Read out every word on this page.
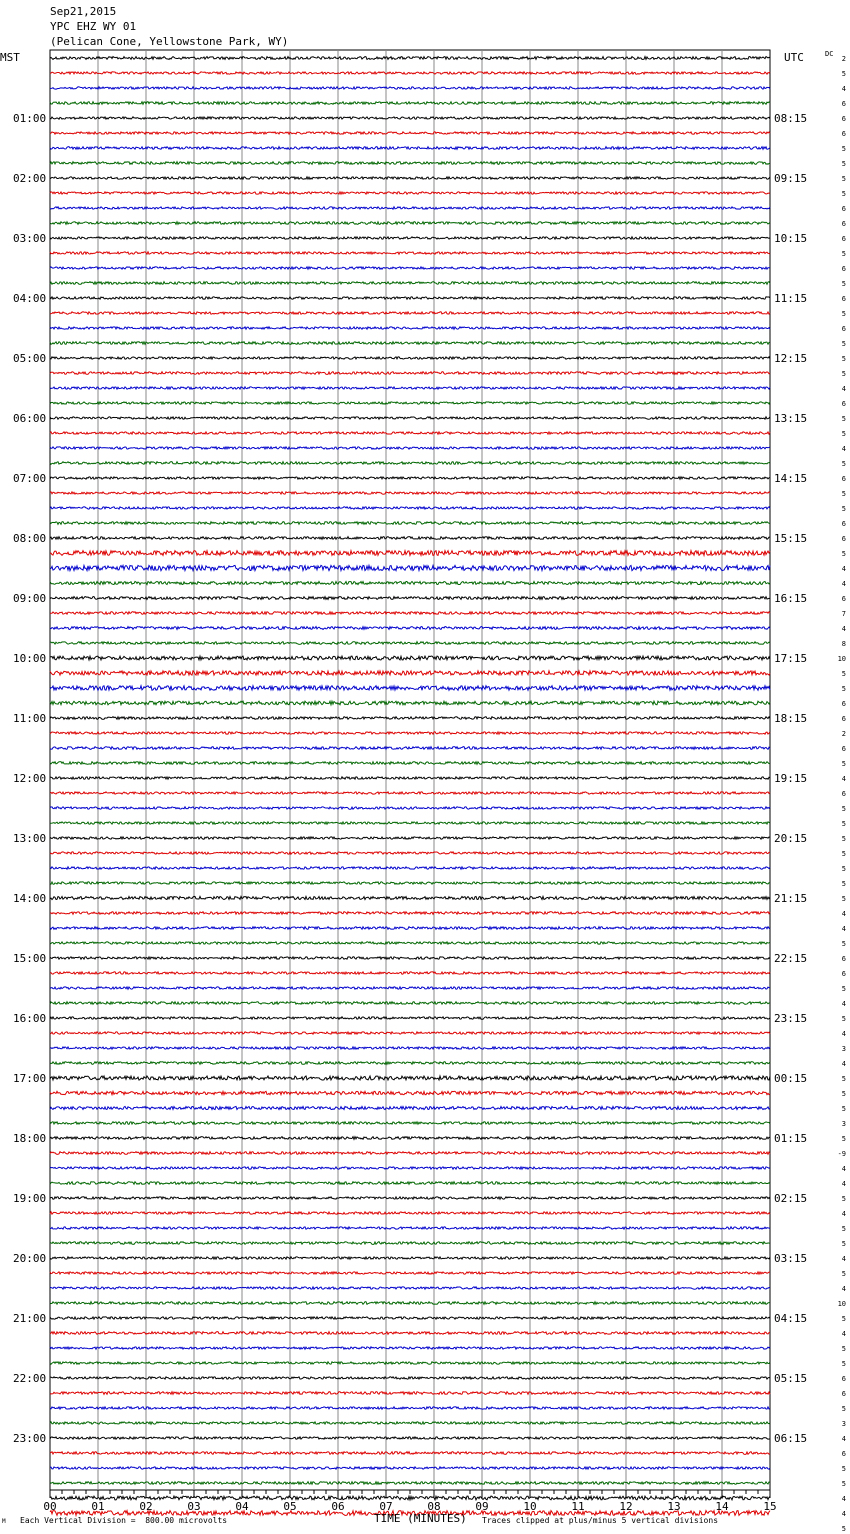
Sep21,2015
YPC EHZ WY 01
(Pelican Cone, Yellowstone Park, WY)
01:00
02:00
03:00
04:00
05:00
06:00
07:00
08:00
09:00
10:00
11:00
12:00
13:00
14:00
15:00
16:00
17:00
18:00
19:00
20:00
21:00
22:00
23:00
08:15
09:15
10:15
11:15
12:15
13:15
14:15
15:15
16:15
17:15
18:15
19:15
20:15
21:15
22:15
23:15
00:15
01:15
02:15
03:15
04:15
05:15
06:15
2
5
4
6
6
6
5
5
5
5
6
6
6
5
6
5
6
5
6
5
5
5
4
6
5
5
4
5
6
5
5
6
6
5
4
4
6
7
4
8
10
5
5
6
6
2
6
5
4
6
5
5
5
5
5
5
5
4
4
5
6
6
5
4
5
4
3
4
5
5
5
3
5
-9
4
4
5
4
5
5
4
5
4
10
5
4
5
5
6
6
5
3
4
6
5
5
4
4
5
00	01	02	03	04	05	06	07	08	09	10	11	12	13	14	15
MST	UTC	DC
M Each Vertical Division =  800.00 microvolts	TIME (MINUTES) Traces clipped at plus/minus 5 vertical divisions
